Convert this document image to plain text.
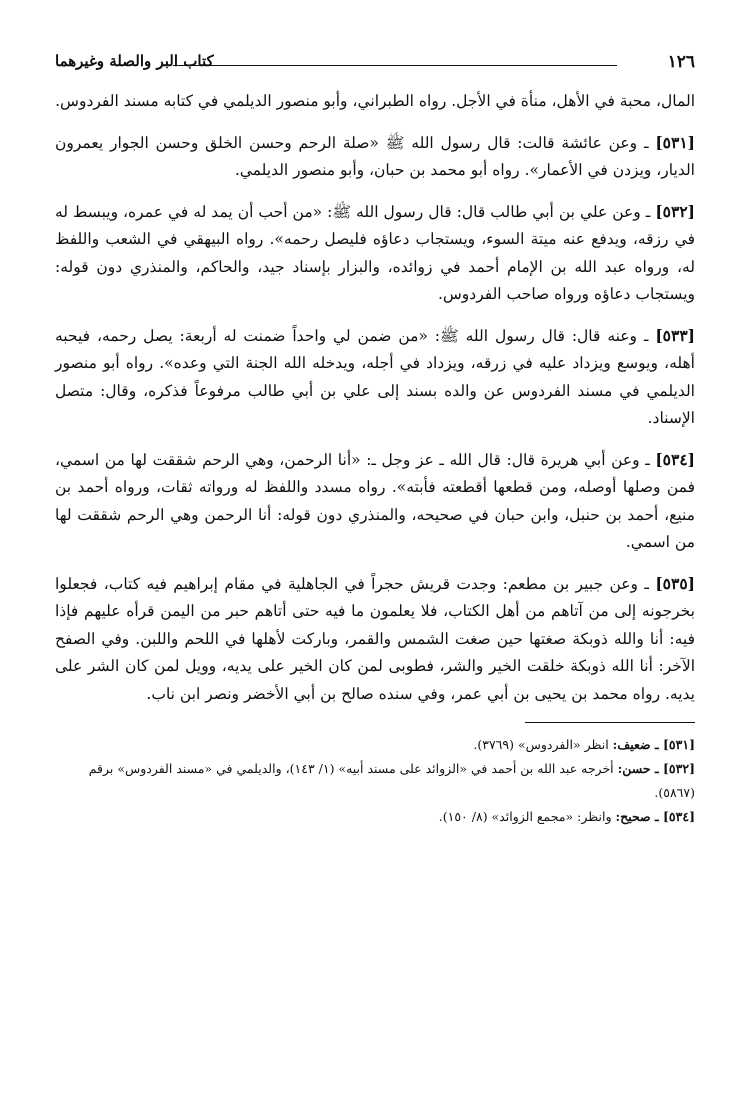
١٢٦
كتاب البر والصلة وغيرهما

المال، محبة في الأهل، منأة في الأجل. رواه الطبراني، وأبو منصور الديلمي في كتابه مسند الفردوس.

[٥٣١] ـ وعن عائشة قالت: قال رسول الله ﷺ «صلة الرحم وحسن الخلق وحسن الجوار يعمرون الديار، ويزدن في الأعمار». رواه أبو محمد بن حبان، وأبو منصور الديلمي.

[٥٣٢] ـ وعن علي بن أبي طالب قال: قال رسول الله ﷺ: «من أحب أن يمد له في عمره، ويبسط له في رزقه، ويدفع عنه ميتة السوء، ويستجاب دعاؤه فليصل رحمه». رواه البيهقي في الشعب واللفظ له، ورواه عبد الله بن الإمام أحمد في زوائده، والبزار بإسناد جيد، والحاكم، والمنذري دون قوله: ويستجاب دعاؤه ورواه صاحب الفردوس.

[٥٣٣] ـ وعنه قال: قال رسول الله ﷺ: «من ضمن لي واحداً ضمنت له أربعة: يصل رحمه، فيحبه أهله، ويوسع ويزداد عليه في زرقه، ويزداد في أجله، ويدخله الله الجنة التي وعده». رواه أبو منصور الديلمي في مسند الفردوس عن والده بسند إلى علي بن أبي طالب مرفوعاً فذكره، وقال: متصل الإسناد.

[٥٣٤] ـ وعن أبي هريرة قال: قال الله ـ عز وجل ـ: «أنا الرحمن، وهي الرحم شققت لها من اسمي، فمن وصلها أوصله، ومن قطعها أقطعته فأبته». رواه مسدد واللفظ له ورواته ثقات، ورواه أحمد بن منيع، أحمد بن حنبل، وابن حبان في صحيحه، والمنذري دون قوله: أنا الرحمن وهي الرحم شققت لها من اسمي.

[٥٣٥] ـ وعن جبير بن مطعم: وجدت قريش حجراً في الجاهلية في مقام إبراهيم فيه كتاب، فجعلوا بخرجونه إلى من آتاهم من أهل الكتاب، فلا يعلمون ما فيه حتى أتاهم حبر من اليمن قرأه عليهم فإذا فيه: أنا والله ذوبكة صغتها حين صغت الشمس والقمر، وباركت لأهلها في اللحم واللبن. وفي الصفح الآخر: أنا الله ذوبكة خلقت الخير والشر، فطوبى لمن كان الخير على يديه، وويل لمن كان الشر على يديه. رواه محمد بن يحيى بن أبي عمر، وفي سنده صالح بن أبي الأخضر ونصر ابن ناب.

[٥٣١] ـ ضعيف: انظر «الفردوس» (٣٧٦٩).

[٥٣٢] ـ حسن: أخرجه عبد الله بن أحمد في «الزوائد على مسند أبيه» (١/ ١٤٣)، والديلمي في «مسند الفردوس» برقم (٥٨٦٧).

[٥٣٤] ـ صحيح: وانظر: «مجمع الزوائد» (٨/ ١٥٠).
